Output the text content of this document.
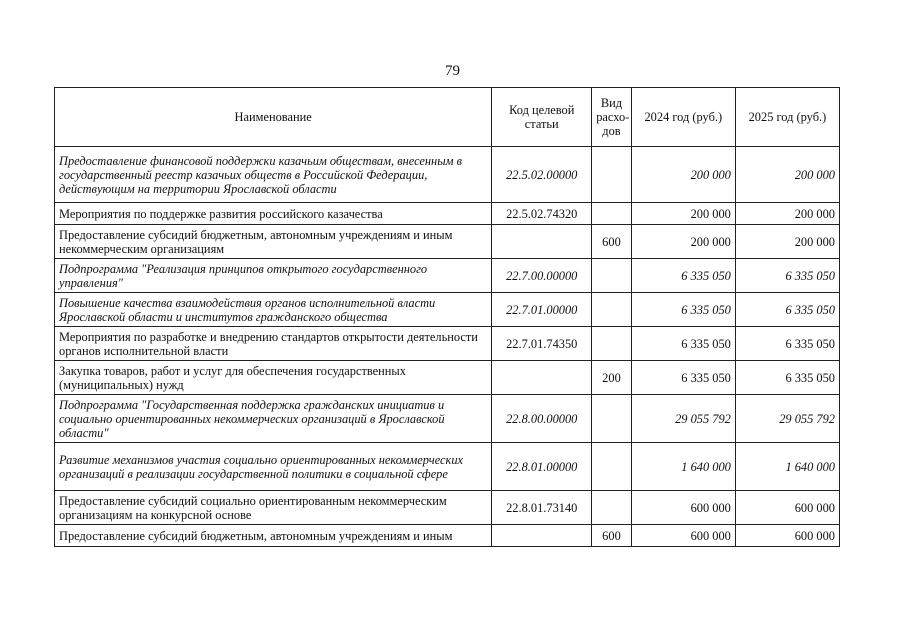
79
Наименование	Код целевой статьи	Вид расхо-дов	2024 год (руб.)	2025 год (руб.)
Предоставление финансовой поддержки казачьим обществам, внесенным в государственный реестр казачьих обществ в Российской Федерации, действующим на территории Ярославской области	22.5.02.00000		200 000	200 000
Мероприятия по поддержке развития российского казачества	22.5.02.74320		200 000	200 000
Предоставление субсидий бюджетным, автономным учреждениям и иным некоммерческим организациям		600	200 000	200 000
Подпрограмма "Реализация принципов открытого государственного управления"	22.7.00.00000		6 335 050	6 335 050
Повышение качества взаимодействия органов исполнительной власти Ярославской области и институтов гражданского общества	22.7.01.00000		6 335 050	6 335 050
Мероприятия по разработке и внедрению стандартов открытости деятельности органов исполнительной власти	22.7.01.74350		6 335 050	6 335 050
Закупка товаров, работ и услуг для обеспечения государственных (муниципальных) нужд		200	6 335 050	6 335 050
Подпрограмма "Государственная поддержка гражданских инициатив и социально ориентированных некоммерческих организаций в Ярославской области"	22.8.00.00000		29 055 792	29 055 792
Развитие механизмов участия социально ориентированных некоммерческих организаций в реализации государственной политики в социальной сфере	22.8.01.00000		1 640 000	1 640 000
Предоставление субсидий социально ориентированным некоммерческим организациям на конкурсной основе	22.8.01.73140		600 000	600 000
Предоставление субсидий бюджетным, автономным учреждениям и иным		600	600 000	600 000
